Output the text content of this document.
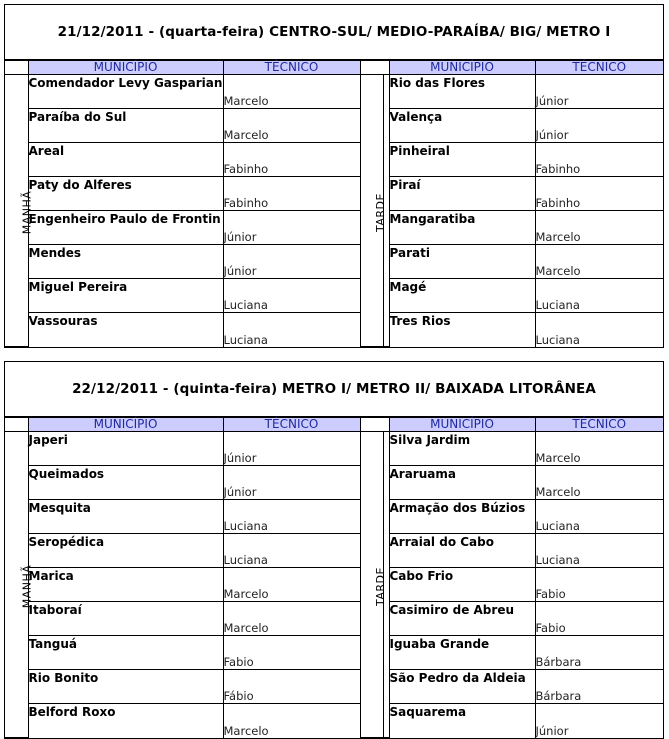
21/12/2011 - (quarta-feira) CENTRO-SUL/ MEDIO-PARAÍBA/ BIG/ METRO I
	MUNICÍPIO	TÉCNICO			MUNICÍPIO	TÉCNICO
MANHÃ	Comendador Levy Gasparian	Marcelo	TARDE		Rio das Flores	Júnior
	Paraíba do Sul	Marcelo			Valença	Júnior
	Areal	Fabinho			Pinheiral	Fabinho
	Paty do Alferes	Fabinho			Piraí	Fabinho
	Engenheiro Paulo de Frontin	Júnior			Mangaratiba	Marcelo
	Mendes	Júnior			Parati	Marcelo
	Miguel Pereira	Luciana			Magé	Luciana
	Vassouras	Luciana			Tres Rios	Luciana
22/12/2011 - (quinta-feira) METRO I/ METRO II/ BAIXADA LITORÂNEA
	MUNICÍPIO	TÉCNICO			MUNICÍPIO	TÉCNICO
MANHÃ	Japeri	Júnior	TARDE		Silva Jardim	Marcelo
	Queimados	Júnior			Araruama	Marcelo
	Mesquita	Luciana			Armação dos Búzios	Luciana
	Seropédica	Luciana			Arraial do Cabo	Luciana
	Marica	Marcelo			Cabo Frio	Fabio
	Itaboraí	Marcelo			Casimiro de Abreu	Fabio
	Tanguá	Fabio			Iguaba Grande	Bárbara
	Rio Bonito	Fábio			São Pedro da Aldeia	Bárbara
	Belford Roxo	Marcelo			Saquarema	Júnior
